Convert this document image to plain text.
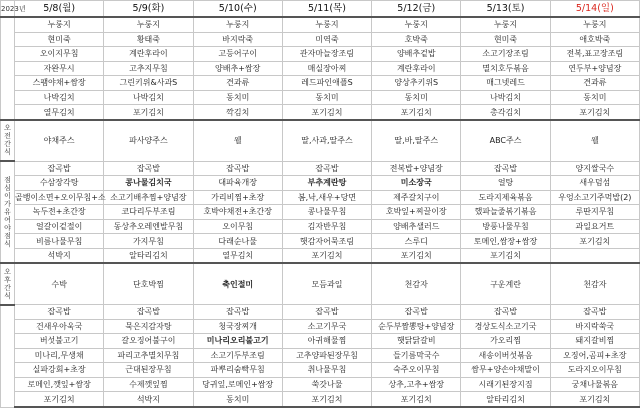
2023년	5/8(월)	5/9(화)	5/10(수)	5/11(목)	5/12(금)	5/13(토)	5/14(일)
	누룽지	누룽지	누룽지	누룽지	누룽지	누룽지	누룽지
	현미죽	황태죽	바지락죽	미역죽	호박죽	현미죽	애호박죽
	오이지무침	계란후라이	고등어구이	관자마늘장조림	양배추겉밥	소고기장조림	전복,표고장조림
	자완무시	고추지무침	양배추+쌈장	매실장아찌	계란후라이	멸치호두볶음	연두부+양념장
	스팸야채+쌈장	그린키위&사과S	견과류	레드파인애플S	양상추키위S	매그넷레드	견과류
	나박김치	나박김치	동치미	동치미	동치미	나박김치	동치미
	열무김치	포기김치	깍김치	포기김치	포기김치	총각김치	포기김치
오전간식	야채주스	파사양주스	웰	딸,사과,딸주스	딸,바,딸주스	ABC주스	웰
점심 이가유 여야 점식	잡곡밥	잡곡밥	잡곡밥	잡곡밥	전복밥+양념장	잡곡밥	양지쌀국수
	수삼장각탕	콩나물김치국	대파육개장	부추계란탕	미소장국	얼탕	새우덤섬
	골뱅이소면+오이무침+소	소고기배추찜+양념장	가리비찜+초장	봄,낙,새우+당면	제주갈치구이	도라지제육볶음	우엉소고기주먹밥(2)
	녹두전+초간장	코다리두부조림	호박야채전+초간장	콩나물무침	호박잎+찌끌이장	했파늘줄볶기볶음	루딴지무침
	얼갈이겉절이	동상추오레엔발무침	오이무침	김자반무침	양배추샐러드	방풍나물무침	과일요거트
	비름나물무침	가지무침	다래순나물	햇감자어묵조림	스루디	토메인,쌈장+쌈장	포기김치
	석박지	알타리김치	열무김치	포기김치	포기김치	포기김치	
오후간식	수박	단호박찜	축인절미	모듬과일	천감자	구운계란	천감자
	잡곡밥	잡곡밥	잡곡밥	잡곡밥	잡곡밥	잡곡밥	잡곡밥
	건새우아욱국	묵은지감자탕	청국장찌개	소고기무국	순두부짬뽕탕+양념장	경상도식소고기국	바지락쑥국
	버섯불고기	갈오징어불구이	미나리오리불고기	아귀해물찜	햇닭닭갈비	가오리찜	돼지갈비찜
	미나리,무생채	파리고추멸치무침	소고기두부조림	고추양파된장무침	들기름막국수	새송이버섯볶음	오징어,곰피+초장
	실파강회+초장	근대된장무침	파뿌리숨빡무침	취나물무침	숙주오이무침	쌈무+양손야채말이	도라지오이무침
	로메인,깻잎+쌈장	수제깻잎찜	당귀잎,로메인+쌈장	쑥갓나물	상추,고추+쌈장	시래기된장지짐	궁채나물볶음
	포기김치	석박지	동치미	포기김치	포기김치	알타리김치	포기김치
